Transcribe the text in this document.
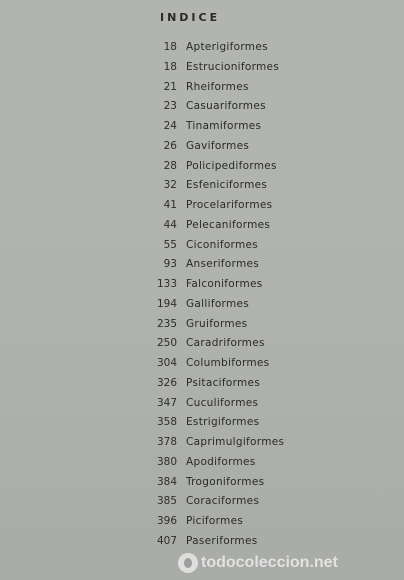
INDICE
18 Apterigiformes
18 Estrucioniformes
21 Rheiformes
23 Casuariformes
24 Tinamiformes
26 Gaviformes
28 Policipediformes
32 Esfeniciformes
41 Procelariformes
44 Pelecaniformes
55 Ciconiformes
93 Anseriformes
133 Falconiformes
194 Galliformes
235 Gruiformes
250 Caradriformes
304 Columbiformes
326 Psitaciformes
347 Cuculiformes
358 Estrigiformes
378 Caprimulgiformes
380 Apodiformes
384 Trogoniformes
385 Coraciformes
396 Piciformes
407 Paseriformes
todocoleccion.net
